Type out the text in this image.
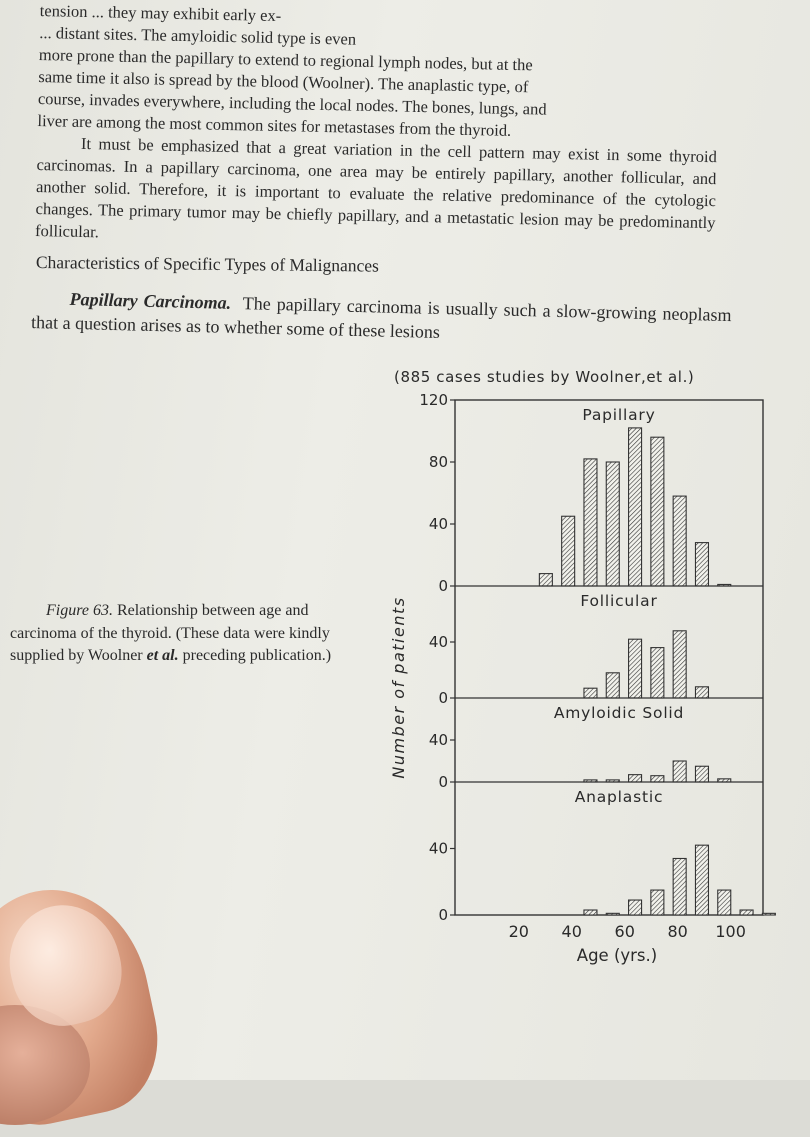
tension ... they may exhibit early ex-
... distant sites. The amyloidic solid type is even
more prone than the papillary to extend to regional lymph nodes, but at the
same time it also is spread by the blood (Woolner). The anaplastic type, of
course, invades everywhere, including the local nodes. The bones, lungs, and
liver are among the most common sites for metastases from the thyroid.

It must be emphasized that a great variation in the cell pattern may exist in some thyroid carcinomas. In a papillary carcinoma, one area may be entirely papillary, another follicular, and another solid. Therefore, it is important to evaluate the relative predominance of the cytologic changes. The primary tumor may be chiefly papillary, and a metastatic lesion may be predominantly follicular.

Characteristics of Specific Types of Malignances

Papillary Carcinoma. The papillary carcinoma is usually such a slow-growing neoplasm that a question arises as to whether some of these lesions

Figure 63. Relationship between age and carcinoma of the thyroid. (These data were kindly supplied by Woolner et al. preceding publication.)
(885 cases studies by Woolner,et al.)
Papillary
0
40
80
120
Follicular
0
40
Amyloidic Solid
0
40
Anaplastic
0
40
20 40 60 80 100
Age (yrs.)
Number of patients
